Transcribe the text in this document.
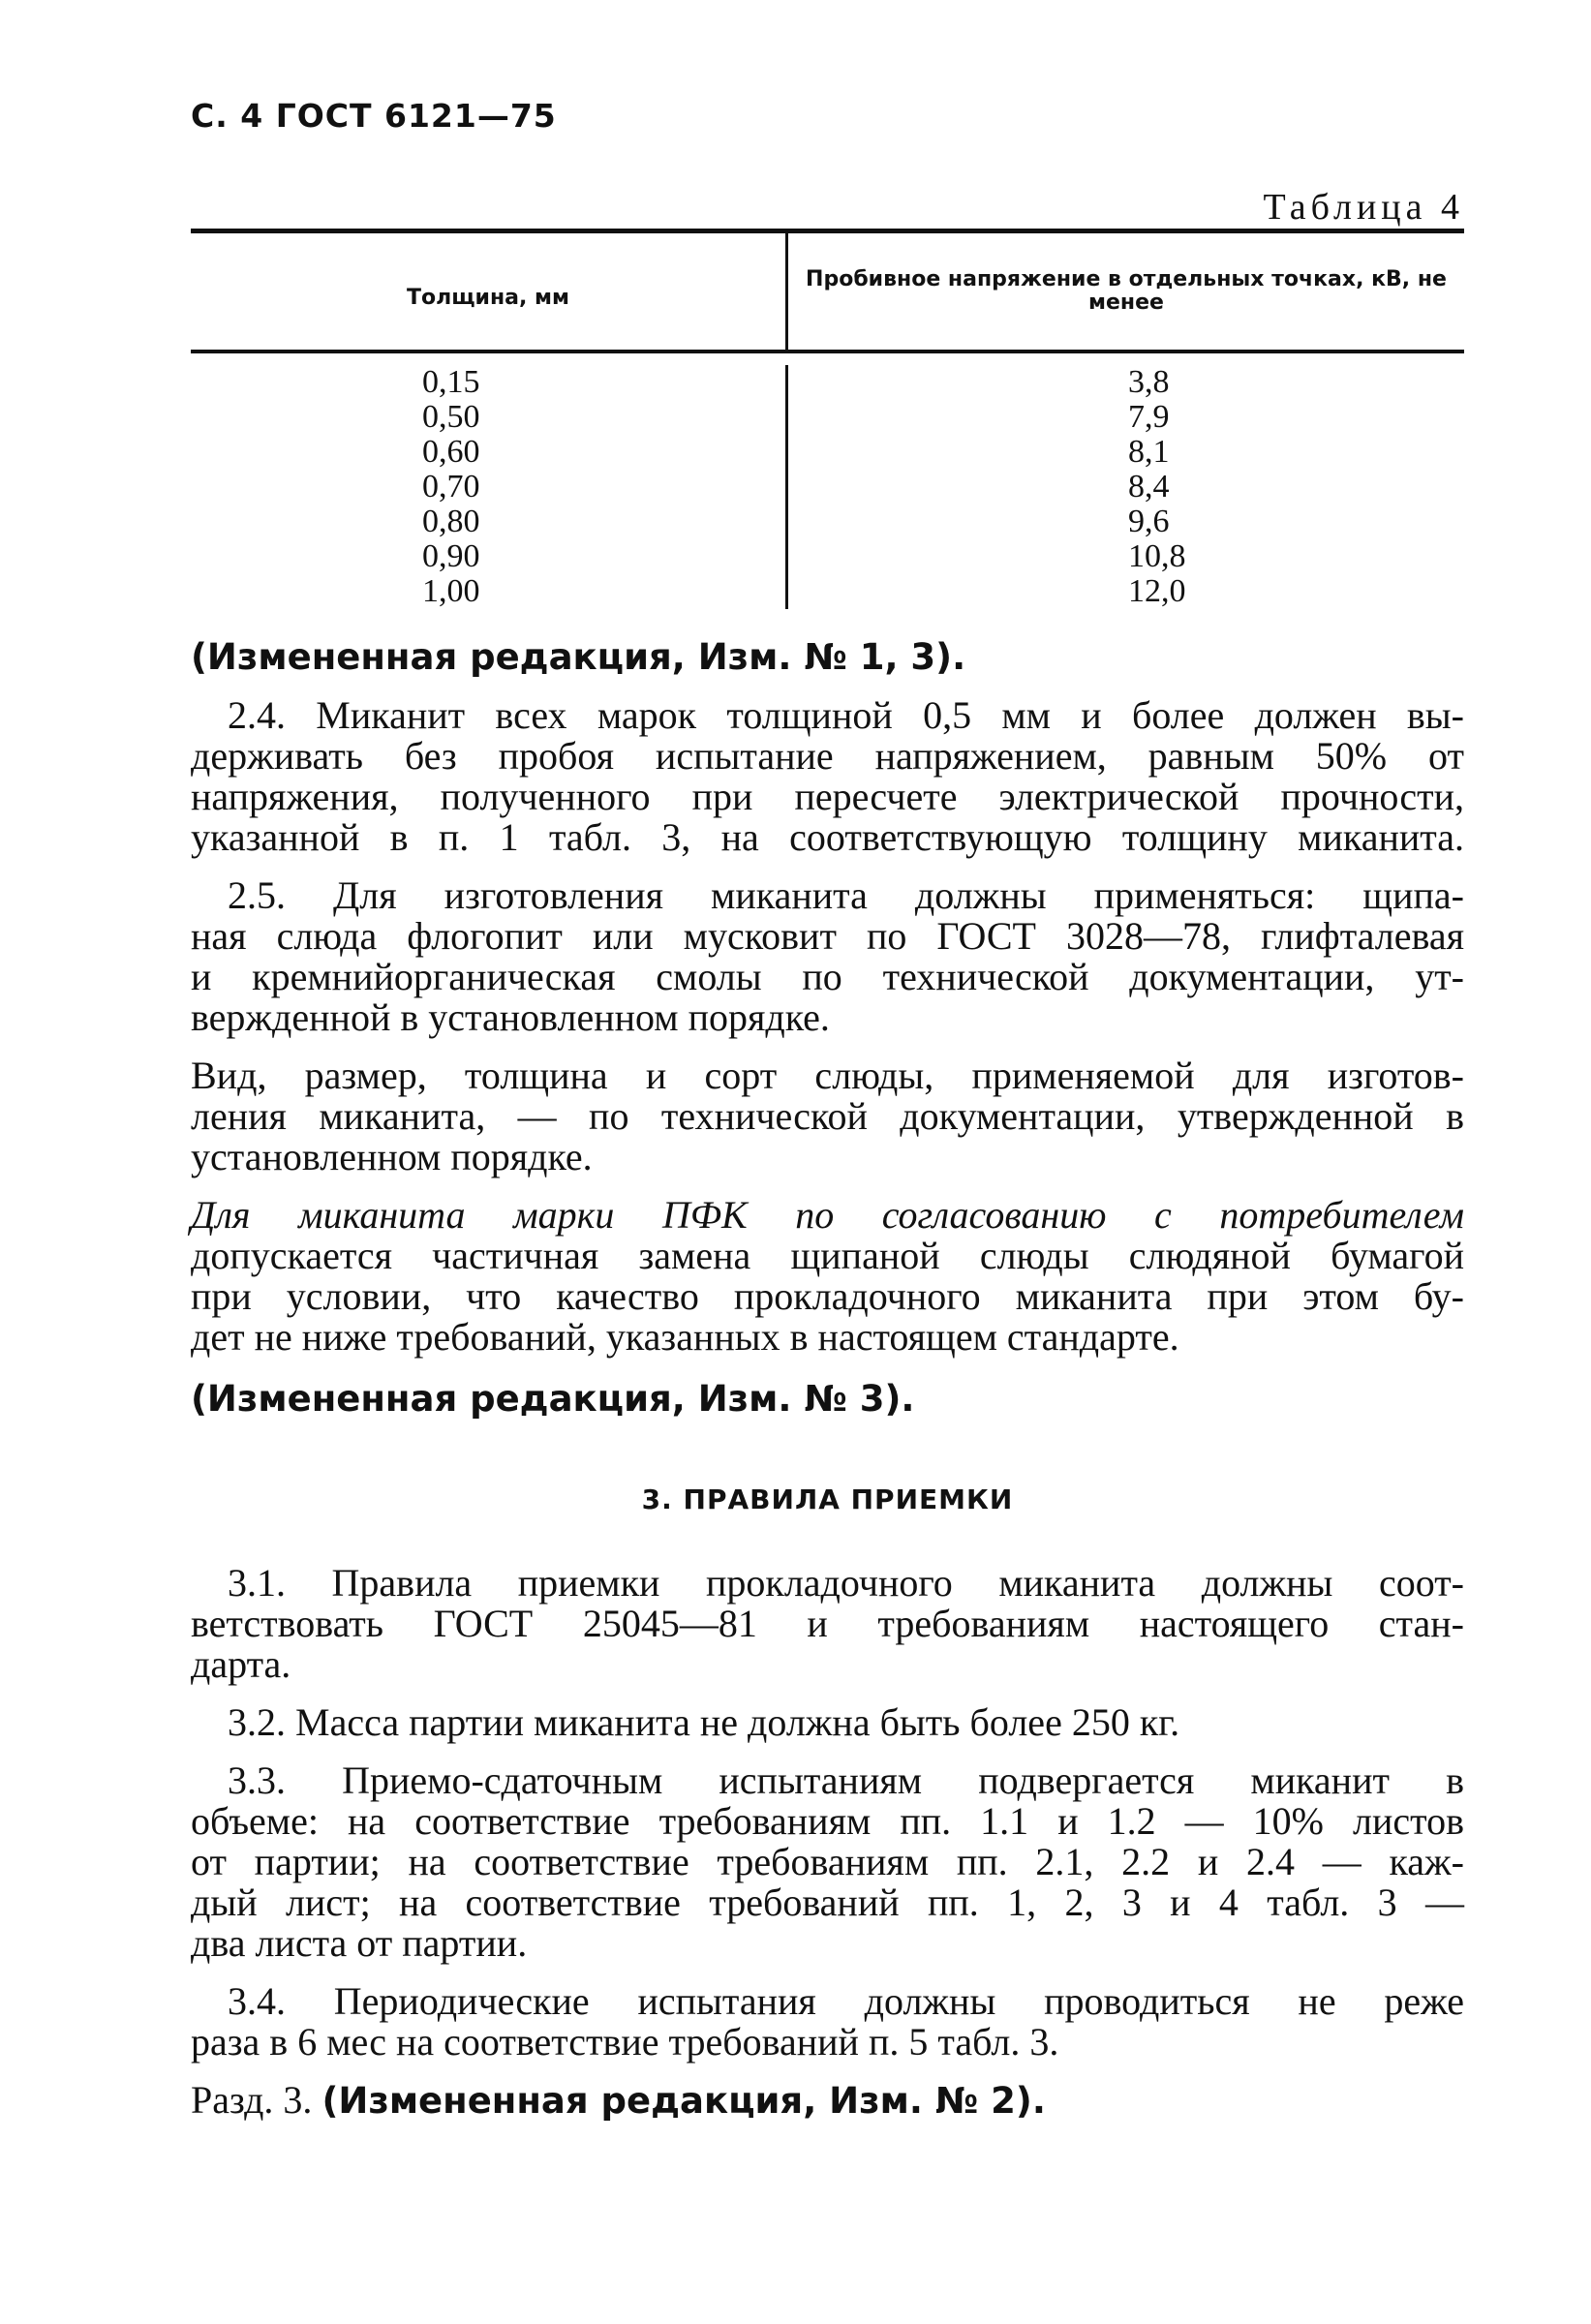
С. 4 ГОСТ 6121—75
Таблица 4
Толщина, мм
Пробивное напряжение в отдельных точках, кВ, не менее
0,15
0,50
0,60
0,70
0,80
0,90
1,00
3,8
7,9
8,1
8,4
9,6
10,8
12,0

(Измененная редакция, Изм. № 1, 3).

2.4. Миканит всех марок толщиной 0,5 мм и более должен вы-
держивать без пробоя испытание напряжением, равным 50% от
напряжения, полученного при пересчете электрической прочности,
указанной в п. 1 табл. 3, на соответствующую толщину миканита.
2.5. Для изготовления миканита должны применяться: щипа-
ная слюда флогопит или мусковит по ГОСТ 3028—78, глифталевая
и кремнийорганическая смолы по технической документации, ут-
вержденной в установленном порядке.
Вид, размер, толщина и сорт слюды, применяемой для изготов-
ления миканита, — по технической документации, утвержденной в
установленном порядке.
Для миканита марки ПФК по согласованию с потребителем
допускается частичная замена щипаной слюды слюдяной бумагой
при условии, что качество прокладочного миканита при этом бу-
дет не ниже требований, указанных в настоящем стандарте.

(Измененная редакция, Изм. № 3).

3. ПРАВИЛА ПРИЕМКИ

3.1. Правила приемки прокладочного миканита должны соот-
ветствовать ГОСТ 25045—81 и требованиям настоящего стан-
дарта.
3.2. Масса партии миканита не должна быть более 250 кг.
3.3. Приемо-сдаточным испытаниям подвергается миканит в
объеме: на соответствие требованиям пп. 1.1 и 1.2 — 10% листов
от партии; на соответствие требованиям пп. 2.1, 2.2 и 2.4 — каж-
дый лист; на соответствие требований пп. 1, 2, 3 и 4 табл. 3 —
два листа от партии.
3.4. Периодические испытания должны проводиться не реже
раза в 6 мес на соответствие требований п. 5 табл. 3.

Разд. 3. (Измененная редакция, Изм. № 2).
